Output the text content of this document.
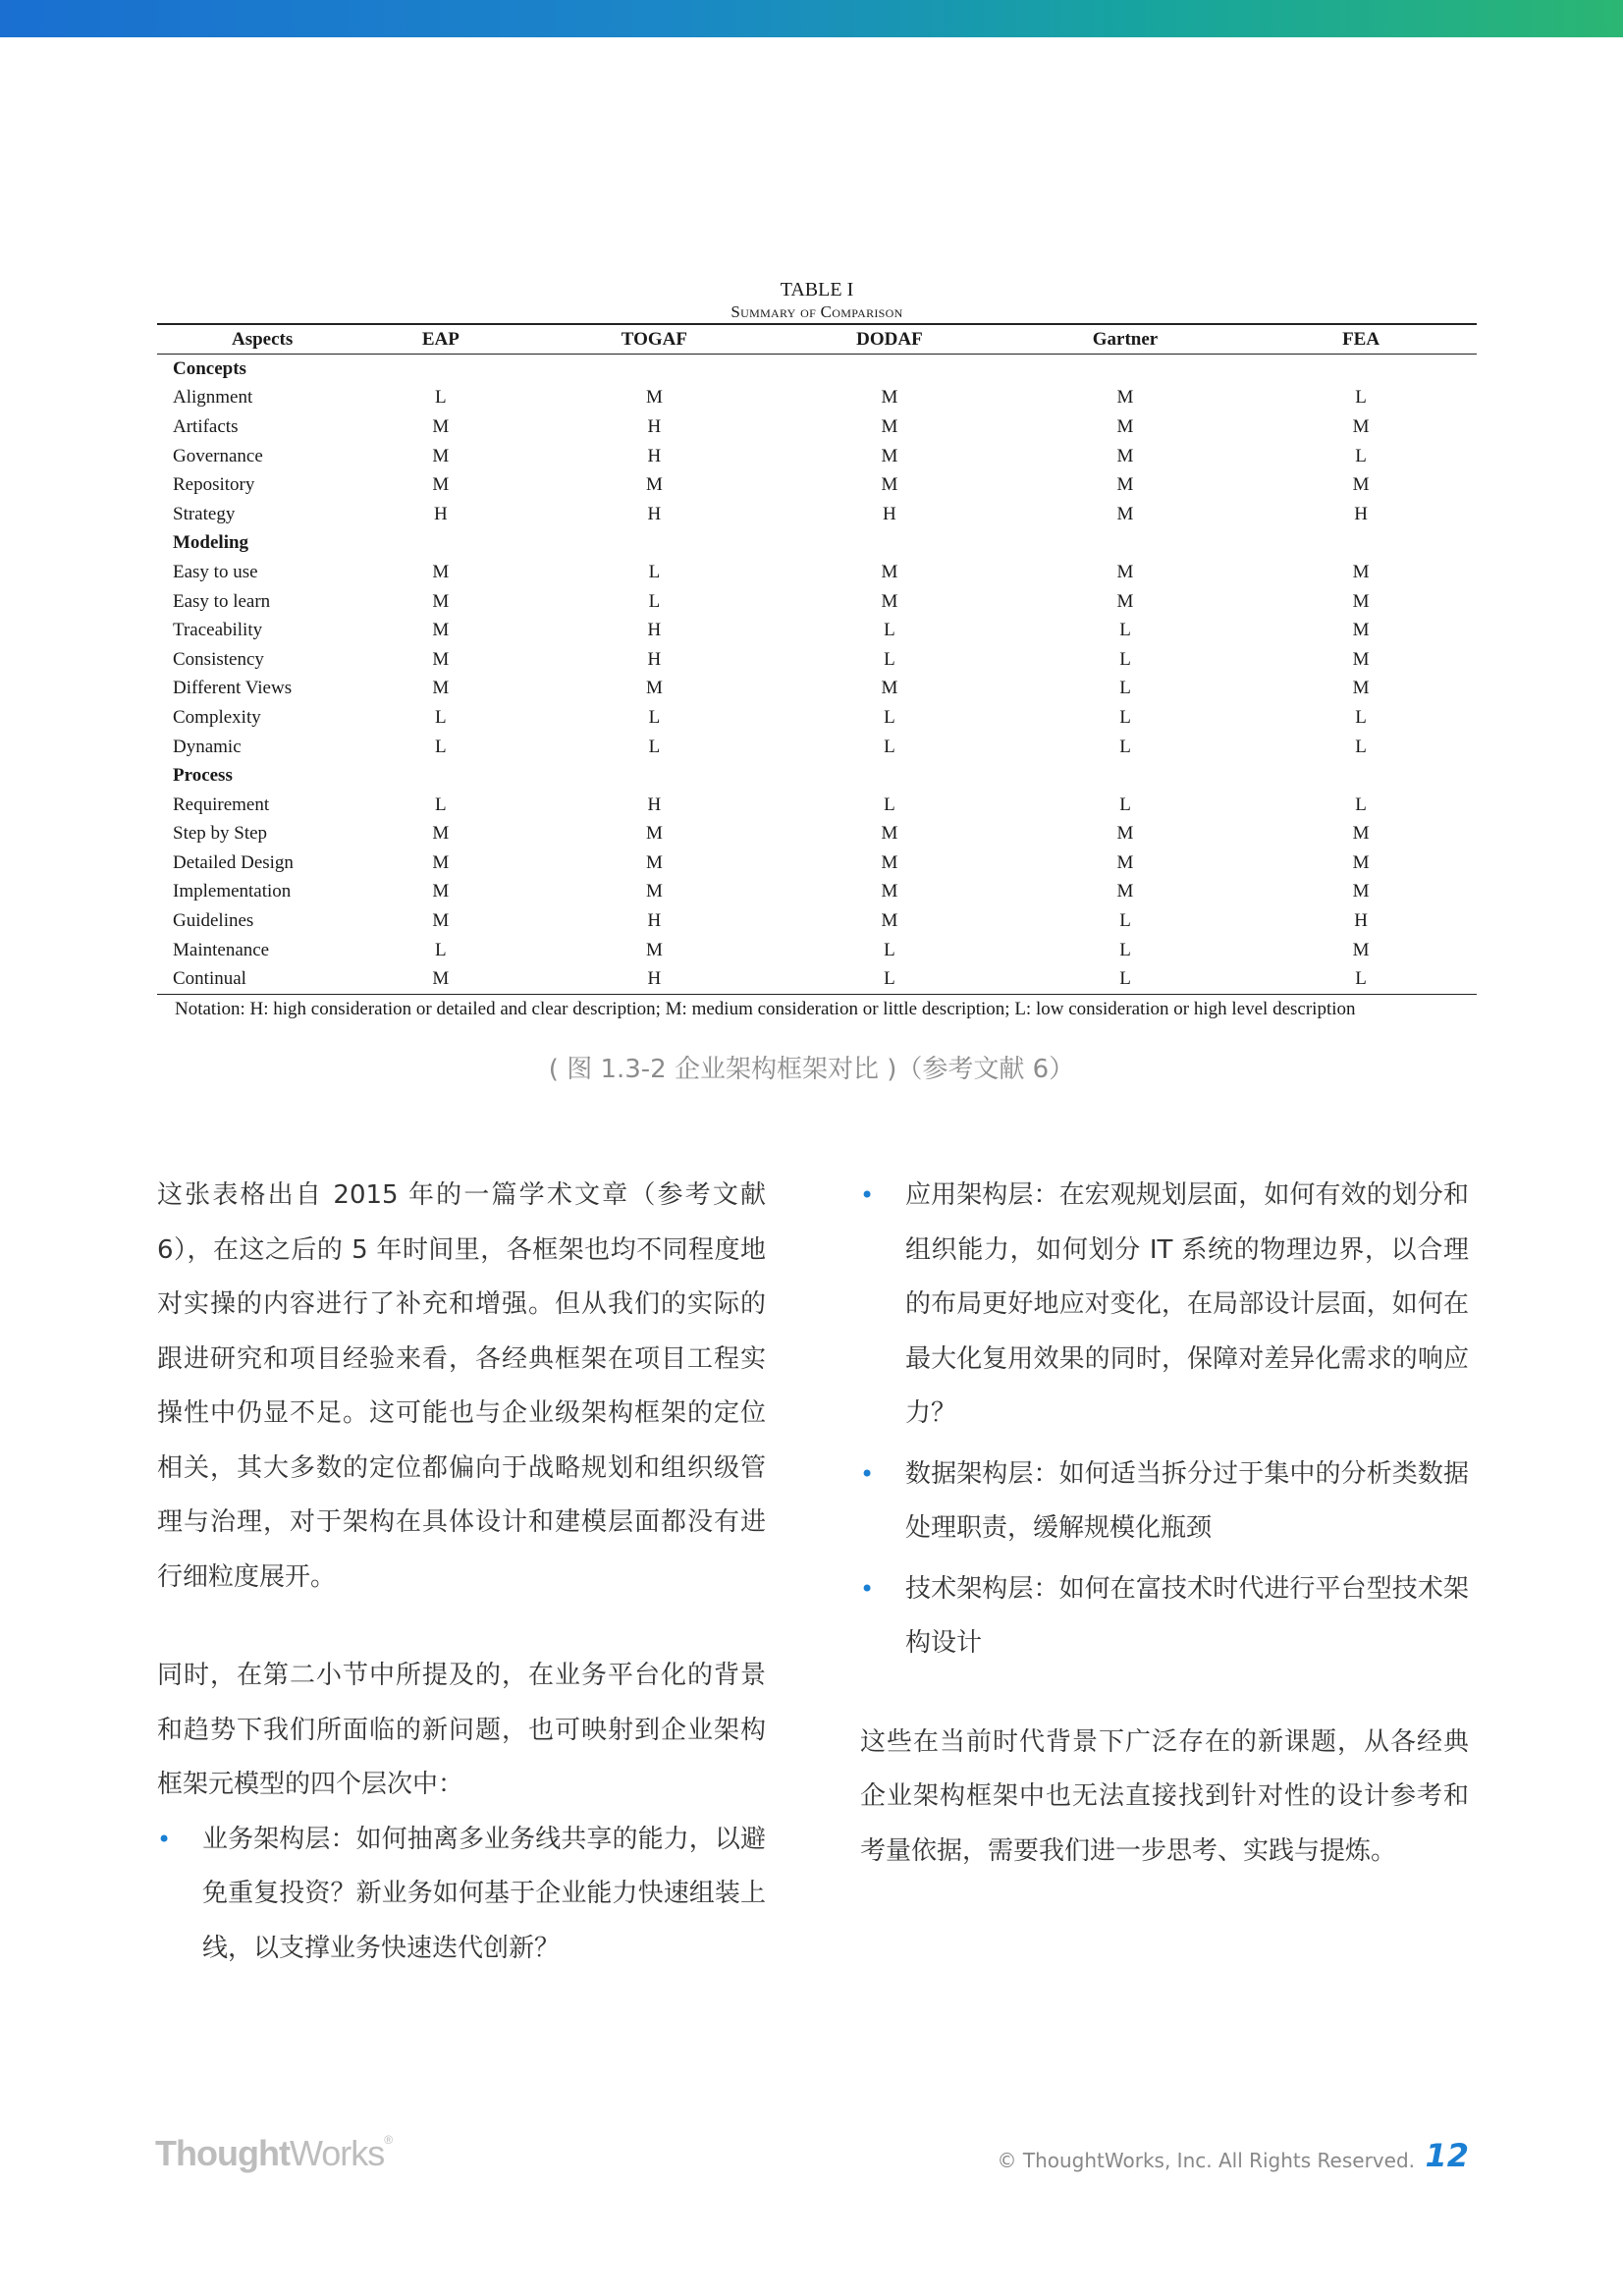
TABLE I
Summary of Comparison
Aspects	EAP	TOGAF	DODAF	Gartner	FEA
Concepts					
Alignment	L	M	M	M	L
Artifacts	M	H	M	M	M
Governance	M	H	M	M	L
Repository	M	M	M	M	M
Strategy	H	H	H	M	H
Modeling					
Easy to use	M	L	M	M	M
Easy to learn	M	L	M	M	M
Traceability	M	H	L	L	M
Consistency	M	H	L	L	M
Different Views	M	M	M	L	M
Complexity	L	L	L	L	L
Dynamic	L	L	L	L	L
Process					
Requirement	L	H	L	L	L
Step by Step	M	M	M	M	M
Detailed Design	M	M	M	M	M
Implementation	M	M	M	M	M
Guidelines	M	H	M	L	H
Maintenance	L	M	L	L	M
Continual	M	H	L	L	L
Notation: H: high consideration or detailed and clear description; M: medium consideration or little description; L: low consideration or high level description
( 图 1.3-2 企业架构框架对比 )（参考文献 6）

这张表格出自 2015 年的一篇学术文章（参考文献 6），在这之后的 5 年时间里，各框架也均不同程度地对实操的内容进行了补充和增强。但从我们的实际的跟进研究和项目经验来看，各经典框架在项目工程实操性中仍显不足。这可能也与企业级架构框架的定位相关，其大多数的定位都偏向于战略规划和组织级管理与治理，对于架构在具体设计和建模层面都没有进行细粒度展开。

同时，在第二小节中所提及的，在业务平台化的背景和趋势下我们所面临的新问题，也可映射到企业架构框架元模型的四个层次中：

• 业务架构层：如何抽离多业务线共享的能力，以避免重复投资？新业务如何基于企业能力快速组装上线，以支撑业务快速迭代创新？
• 应用架构层：在宏观规划层面，如何有效的划分和组织能力，如何划分 IT 系统的物理边界，以合理的布局更好地应对变化，在局部设计层面，如何在最大化复用效果的同时，保障对差异化需求的响应力？
• 数据架构层：如何适当拆分过于集中的分析类数据处理职责，缓解规模化瓶颈
• 技术架构层：如何在富技术时代进行平台型技术架构设计

这些在当前时代背景下广泛存在的新课题，从各经典企业架构框架中也无法直接找到针对性的设计参考和考量依据，需要我们进一步思考、实践与提炼。

ThoughtWorks®
© ThoughtWorks, Inc. All Rights Reserved. 12
